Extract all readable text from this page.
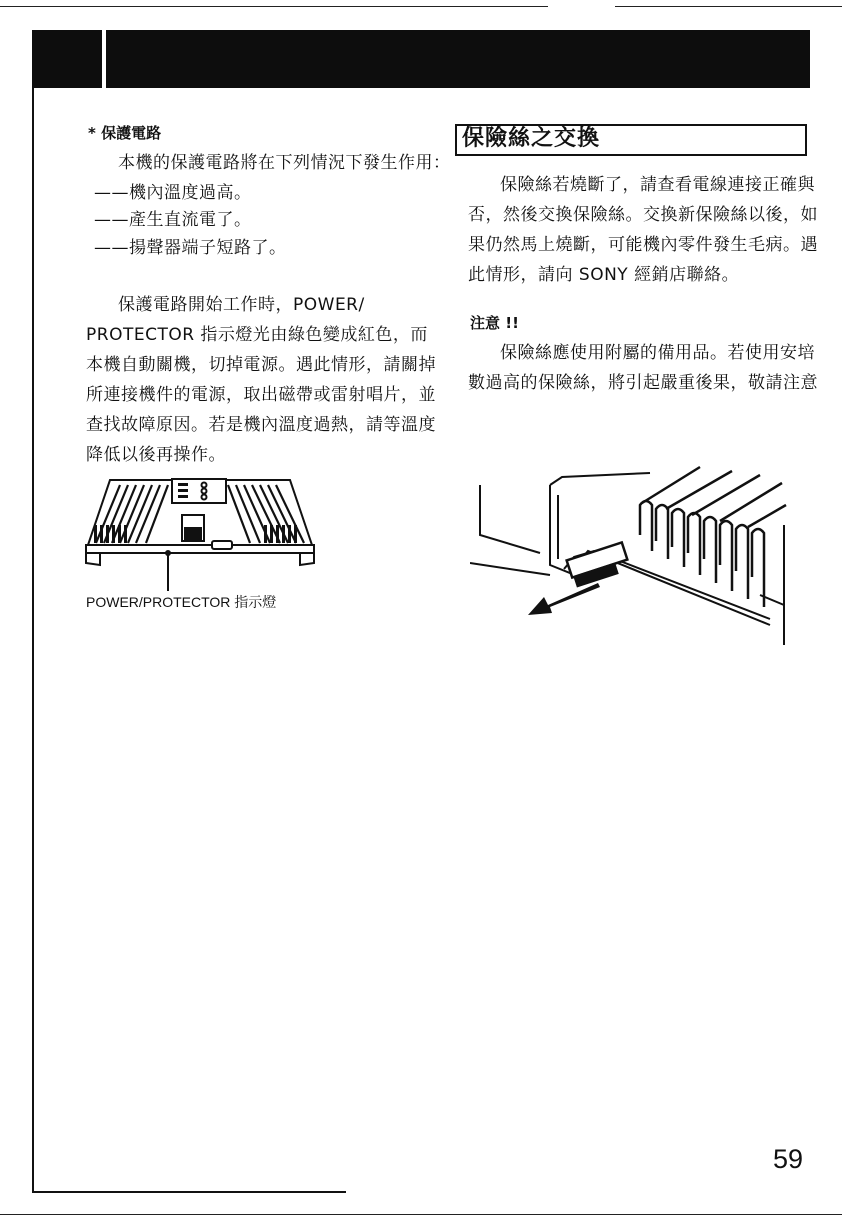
* 保護電路
本機的保護電路將在下列情況下發生作用：
——機內溫度過高。
——產生直流電了。
——揚聲器端子短路了。
保護電路開始工作時，POWER/
PROTECTOR 指示燈光由綠色變成紅色，而
本機自動關機，切掉電源。遇此情形，請關掉
所連接機件的電源，取出磁帶或雷射唱片，並
查找故障原因。若是機內溫度過熱，請等溫度
降低以後再操作。
POWER/PROTECTOR 指示燈
保險絲之交換
保險絲若燒斷了，請查看電線連接正確與
否，然後交換保險絲。交換新保險絲以後，如
果仍然馬上燒斷，可能機內零件發生毛病。遇
此情形，請向 SONY 經銷店聯絡。
注意 !!
保險絲應使用附屬的備用品。若使用安培
數過高的保險絲，將引起嚴重後果，敬請注意
59
